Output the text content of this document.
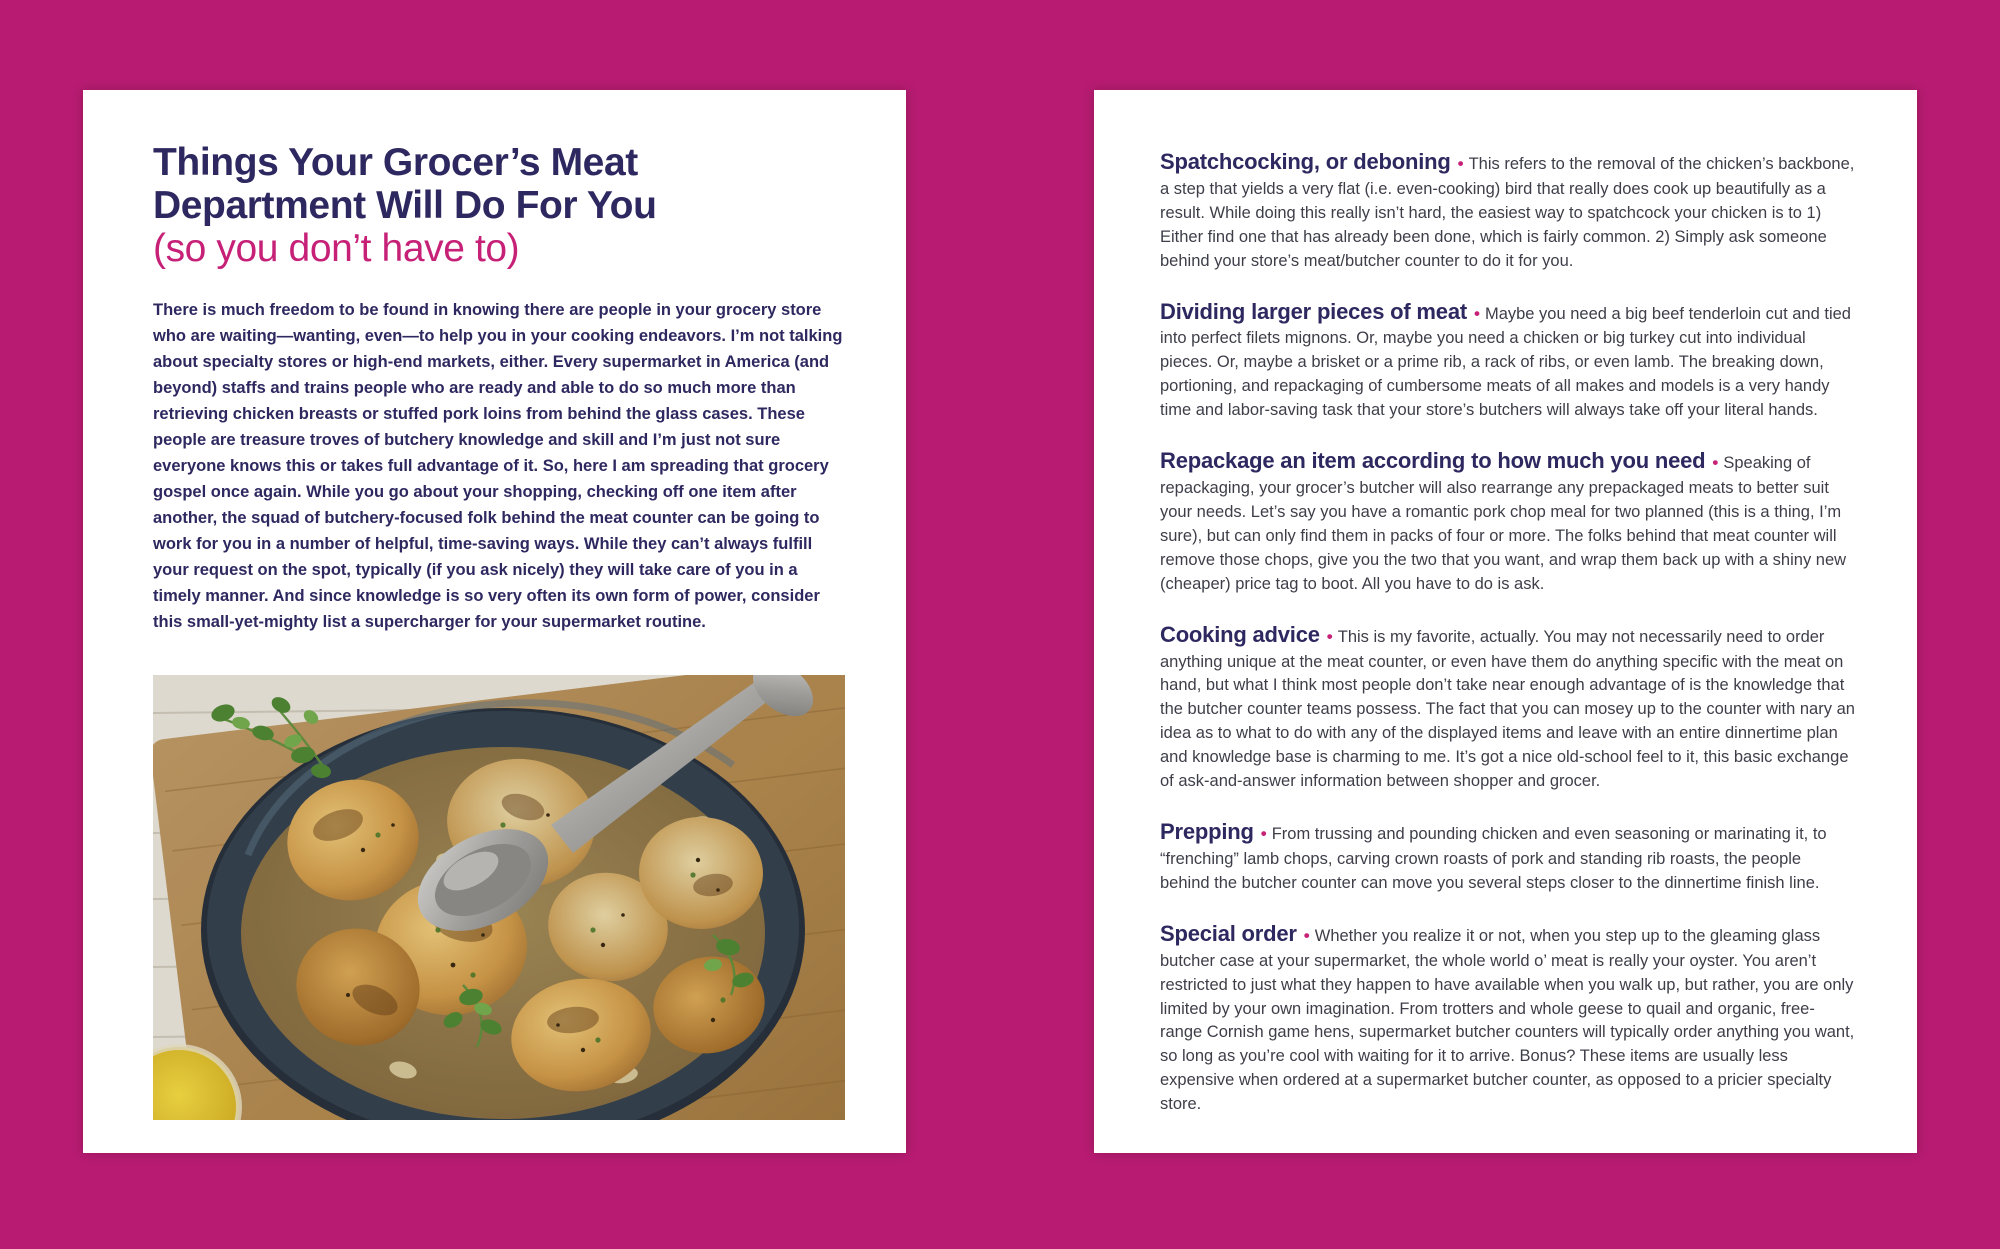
Things Your Grocer’s Meat
Department Will Do For You
(so you don’t have to)

There is much freedom to be found in knowing there are people in your grocery store who are waiting—wanting, even—to help you in your cooking endeavors. I’m not talking about specialty stores or high-end markets, either. Every supermarket in America (and beyond) staffs and trains people who are ready and able to do so much more than retrieving chicken breasts or stuffed pork loins from behind the glass cases. These people are treasure troves of butchery knowledge and skill and I’m just not sure everyone knows this or takes full advantage of it. So, here I am spreading that grocery gospel once again. While you go about your shopping, checking off one item after another, the squad of butchery-focused folk behind the meat counter can be going to work for you in a number of helpful, time-saving ways. While they can’t always fulfill your request on the spot, typically (if you ask nicely) they will take care of you in a timely manner. And since knowledge is so very often its own form of power, consider this small-yet-mighty list a supercharger for your supermarket routine.

Spatchcocking, or deboning • This refers to the removal of the chicken’s backbone, a step that yields a very flat (i.e. even-cooking) bird that really does cook up beautifully as a result. While doing this really isn’t hard, the easiest way to spatchcock your chicken is to 1) Either find one that has already been done, which is fairly common. 2) Simply ask someone behind your store’s meat/butcher counter to do it for you.

Dividing larger pieces of meat • Maybe you need a big beef tenderloin cut and tied into perfect filets mignons. Or, maybe you need a chicken or big turkey cut into individual pieces. Or, maybe a brisket or a prime rib, a rack of ribs, or even lamb. The breaking down, portioning, and repackaging of cumbersome meats of all makes and models is a very handy time and labor-saving task that your store’s butchers will always take off your literal hands.

Repackage an item according to how much you need • Speaking of repackaging, your grocer’s butcher will also rearrange any prepackaged meats to better suit your needs. Let’s say you have a romantic pork chop meal for two planned (this is a thing, I’m sure), but can only find them in packs of four or more. The folks behind that meat counter will remove those chops, give you the two that you want, and wrap them back up with a shiny new (cheaper) price tag to boot. All you have to do is ask.

Cooking advice • This is my favorite, actually. You may not necessarily need to order anything unique at the meat counter, or even have them do anything specific with the meat on hand, but what I think most people don’t take near enough advantage of is the knowledge that the butcher counter teams possess. The fact that you can mosey up to the counter with nary an idea as to what to do with any of the displayed items and leave with an entire dinnertime plan and knowledge base is charming to me. It’s got a nice old-school feel to it, this basic exchange of ask-and-answer information between shopper and grocer.

Prepping • From trussing and pounding chicken and even seasoning or marinating it, to “frenching” lamb chops, carving crown roasts of pork and standing rib roasts, the people behind the butcher counter can move you several steps closer to the dinnertime finish line.

Special order • Whether you realize it or not, when you step up to the gleaming glass butcher case at your supermarket, the whole world o’ meat is really your oyster. You aren’t restricted to just what they happen to have available when you walk up, but rather, you are only limited by your own imagination. From trotters and whole geese to quail and organic, free-range Cornish game hens, supermarket butcher counters will typically order anything you want, so long as you’re cool with waiting for it to arrive. Bonus? These items are usually less expensive when ordered at a supermarket butcher counter, as opposed to a pricier specialty store.
